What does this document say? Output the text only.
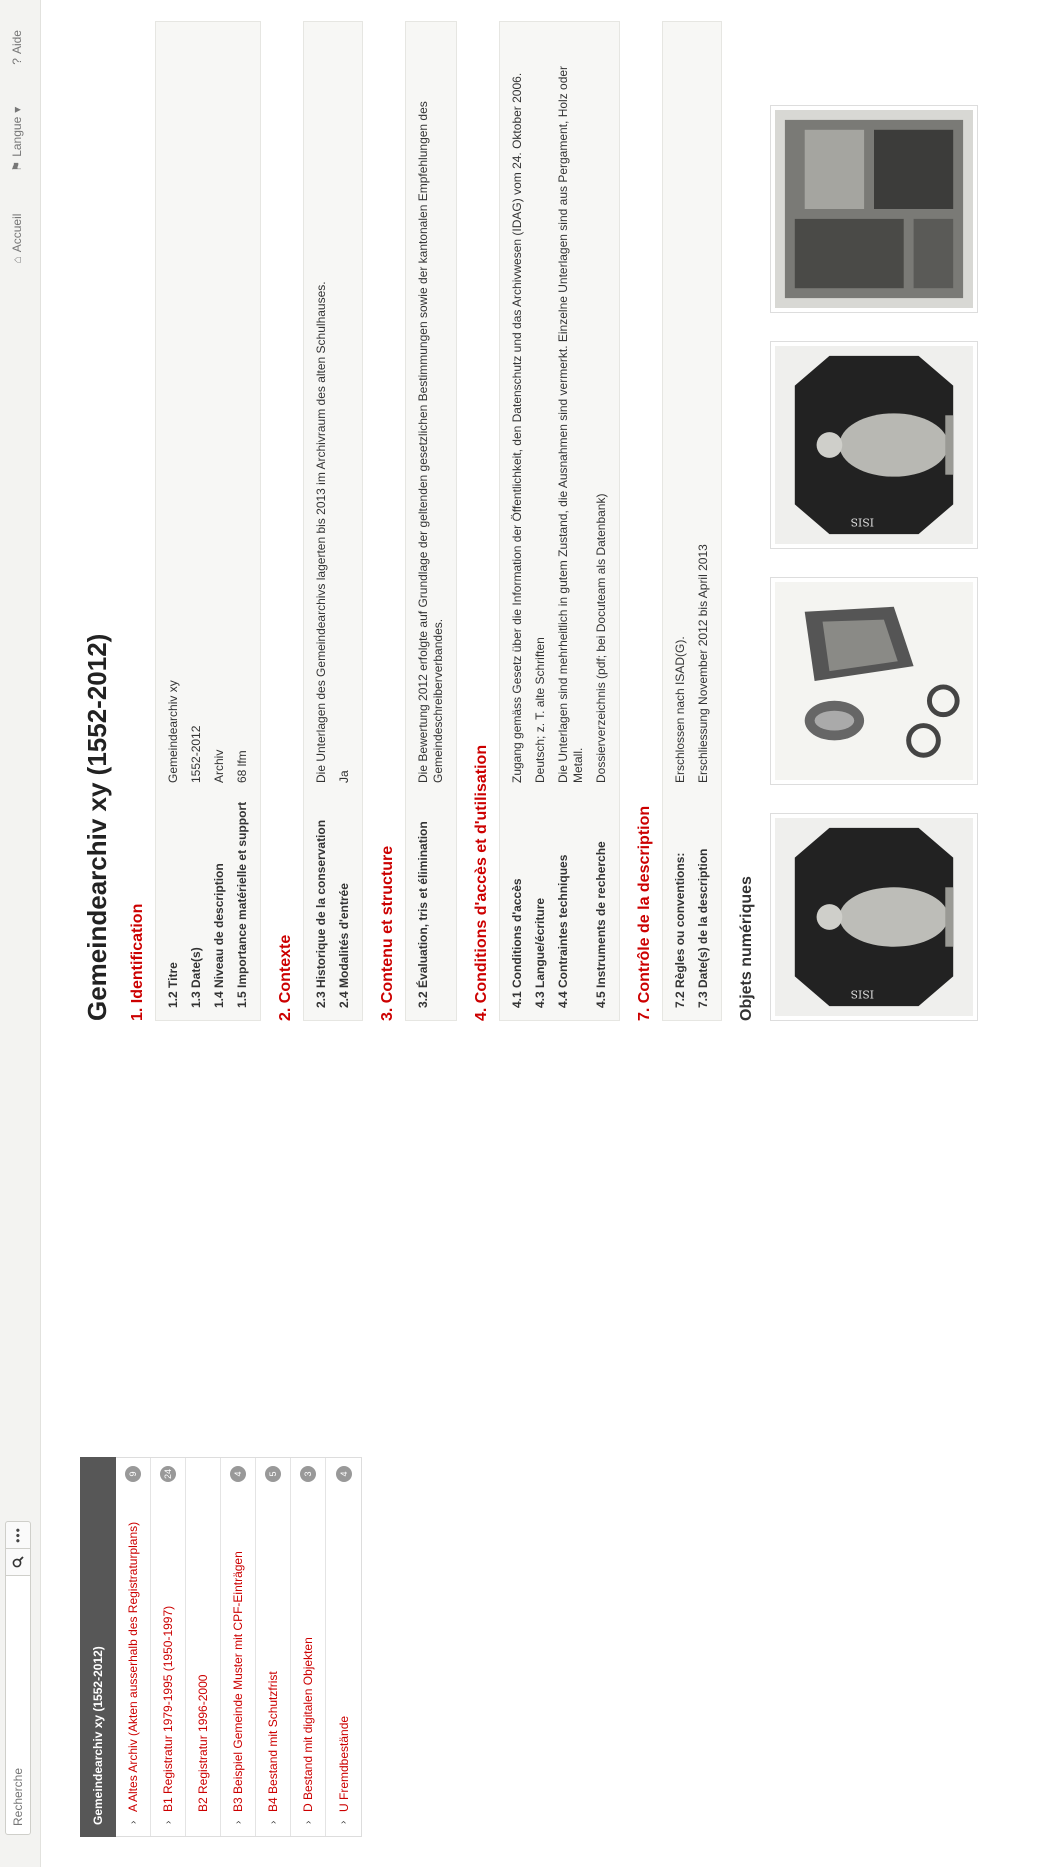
Recherche
•••
⌂
Accueil
⚑
Langue
▾
?
Aide
Gemeindearchiv xy (1552-2012)	›
A Altes Archiv (Akten ausserhalb des Registraturplans)
9
›
B1 Registratur 1979-1995 (1950-1997)
24
B2 Registratur 1996-2000
›
B3 Beispiel Gemeinde Muster mit CPF-Einträgen
4
›
B4 Bestand mit Schutzfrist
5
›
D Bestand mit digitalen Objekten
3
›
U Fremdbestände
4
Gemeindearchiv xy (1552-2012) 1. Identification 1.2 Titre
Gemeindearchiv xy
1.3 Date(s)
1552-2012
1.4 Niveau de description
Archiv
1.5 Importance matérielle et support
68 lfm
2. Contexte 2.3 Historique de la conservation
Die Unterlagen des Gemeindearchivs lagerten bis 2013 im Archivraum des alten Schulhauses.
2.4 Modalités d'entrée
Ja
3. Contenu et structure 3.2 Évaluation, tris et élimination
Die Bewertung 2012 erfolgte auf Grundlage der geltenden gesetzlichen Bestimmungen sowie der kantonalen Empfehlungen des Gemeindeschreiberverbandes.
4. Conditions d'accès et d'utilisation 4.1 Conditions d'accès
Zugang gemäss Gesetz über die Information der Öffentlichkeit, den Datenschutz und das Archivwesen (IDAG) vom 24. Oktober 2006.
4.3 Langue/écriture
Deutsch; z. T. alte Schriften
4.4 Contraintes techniques
Die Unterlagen sind mehrheitlich in gutem Zustand, die Ausnahmen sind vermerkt. Einzelne Unterlagen sind aus Pergament, Holz oder Metall.
4.5 Instruments de recherche
Dossierverzeichnis (pdf; bei Docuteam als Datenbank)
7. Contrôle de la description 7.2 Règles ou conventions:
Erschlossen nach ISAD(G).
7.3 Date(s) de la description
Erschliessung November 2012 bis April 2013
Objets numériques	ISIS
ISIS
